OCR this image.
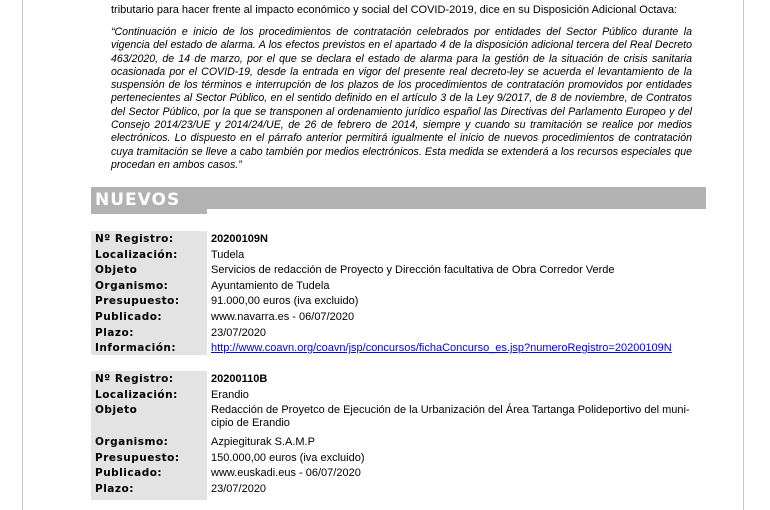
tributario para hacer frente al impacto económico y social del COVID-2019, dice en su Disposición Adicional Octava:
“Continuación e inicio de los procedimientos de contratación celebrados por entidades del Sector Público durante la vigencia del estado de alarma. A los efectos previstos en el apartado 4 de la disposición adicional tercera del Real Decreto 463/2020, de 14 de marzo, por el que se declara el estado de alarma para la gestión de la situación de crisis sanitaria ocasionada por el COVID-19, desde la entrada en vigor del presente real decreto-ley se acuerda el levantamiento de la suspensión de los términos e interrupción de los plazos de los procedimientos de contratación promovidos por entidades pertenecientes al Sector Público, en el sentido definido en el artículo 3 de la Ley 9/2017, de 8 de noviembre, de Contratos del Sector Público, por la que se transponen al ordenamiento jurídico español las Directivas del Parlamento Europeo y del Consejo 2014/23/UE y 2014/24/UE, de 26 de febrero de 2014, siempre y cuando su tramitación se realice por medios electrónicos. Lo dispuesto en el párrafo anterior permitirá igualmente el inicio de nuevos procedimientos de contratación cuya tramitación se lleve a cabo también por medios electrónicos. Esta medida se extenderá a los recursos especiales que procedan en ambos casos.”
NUEVOS
Nº Registro:	20200109N
Localización:	Tudela
Objeto	Servicios de redacción de Proyecto y Dirección facultativa de Obra Corredor Verde
Organismo:	Ayuntamiento de Tudela
Presupuesto:	91.000,00 euros (iva excluido)
Publicado:	www.navarra.es - 06/07/2020
Plazo:	23/07/2020
Información:	http://www.coavn.org/coavn/jsp/concursos/fichaConcurso_es.jsp?numeroRegistro=20200109N
Nº Registro:	20200110B
Localización:	Erandio
Objeto	Redacción de Proyetco de Ejecución de la Urbanización del Área Tartanga Polideportivo del muni-
cipio de Erandio
Organismo:	Azpiegiturak S.A.M.P
Presupuesto:	150.000,00 euros (iva excluido)
Publicado:	www.euskadi.eus - 06/07/2020
Plazo:	23/07/2020
